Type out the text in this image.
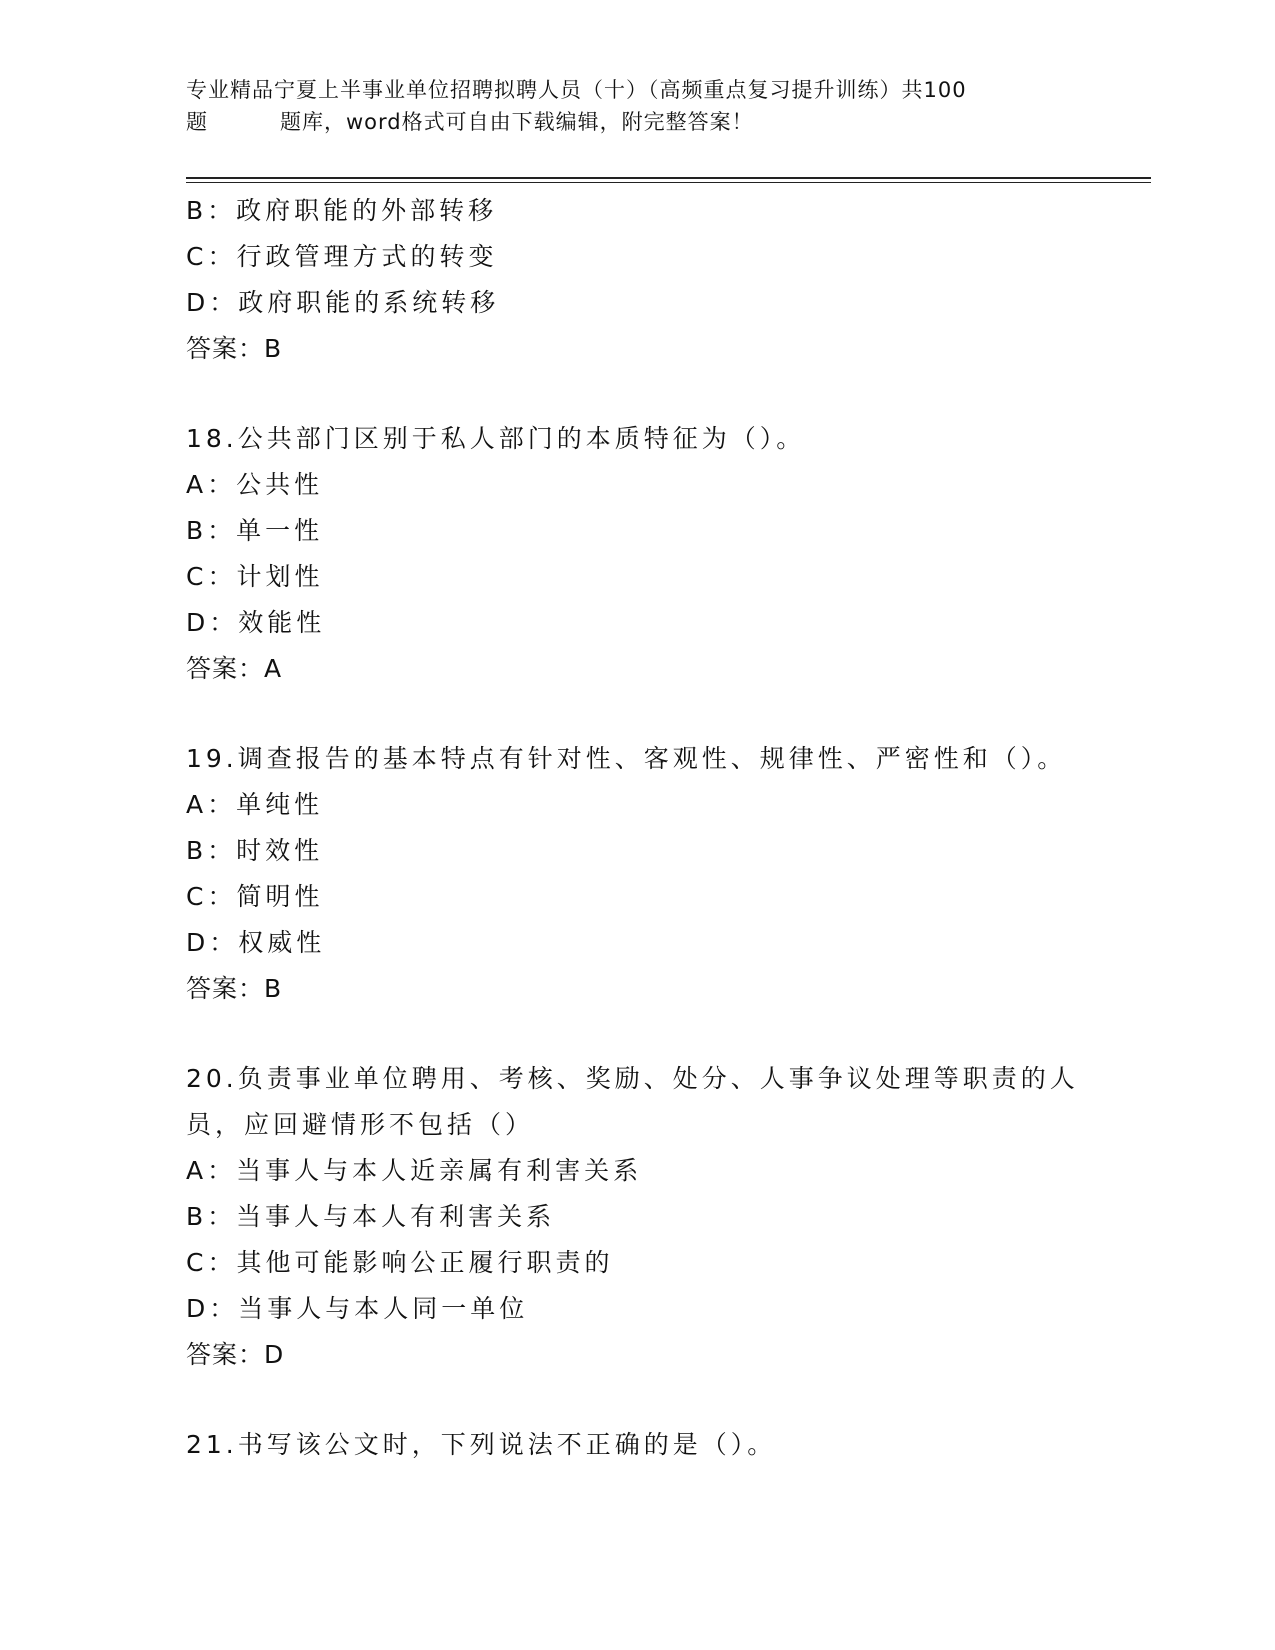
专业精品宁夏上半事业单位招聘拟聘人员（十）（高频重点复习提升训练）共100
题	题库，word格式可自由下载编辑，附完整答案！
B：政府职能的外部转移
C：行政管理方式的转变
D：政府职能的系统转移
答案：B
18.公共部门区别于私人部门的本质特征为（）。
A：公共性
B：单一性
C：计划性
D：效能性
答案：A
19.调查报告的基本特点有针对性、客观性、规律性、严密性和（）。
A：单纯性
B：时效性
C：简明性
D：权威性
答案：B
20.负责事业单位聘用、考核、奖励、处分、人事争议处理等职责的人
员，应回避情形不包括（）
A：当事人与本人近亲属有利害关系
B：当事人与本人有利害关系
C：其他可能影响公正履行职责的
D：当事人与本人同一单位
答案：D
21.书写该公文时，下列说法不正确的是（）。
